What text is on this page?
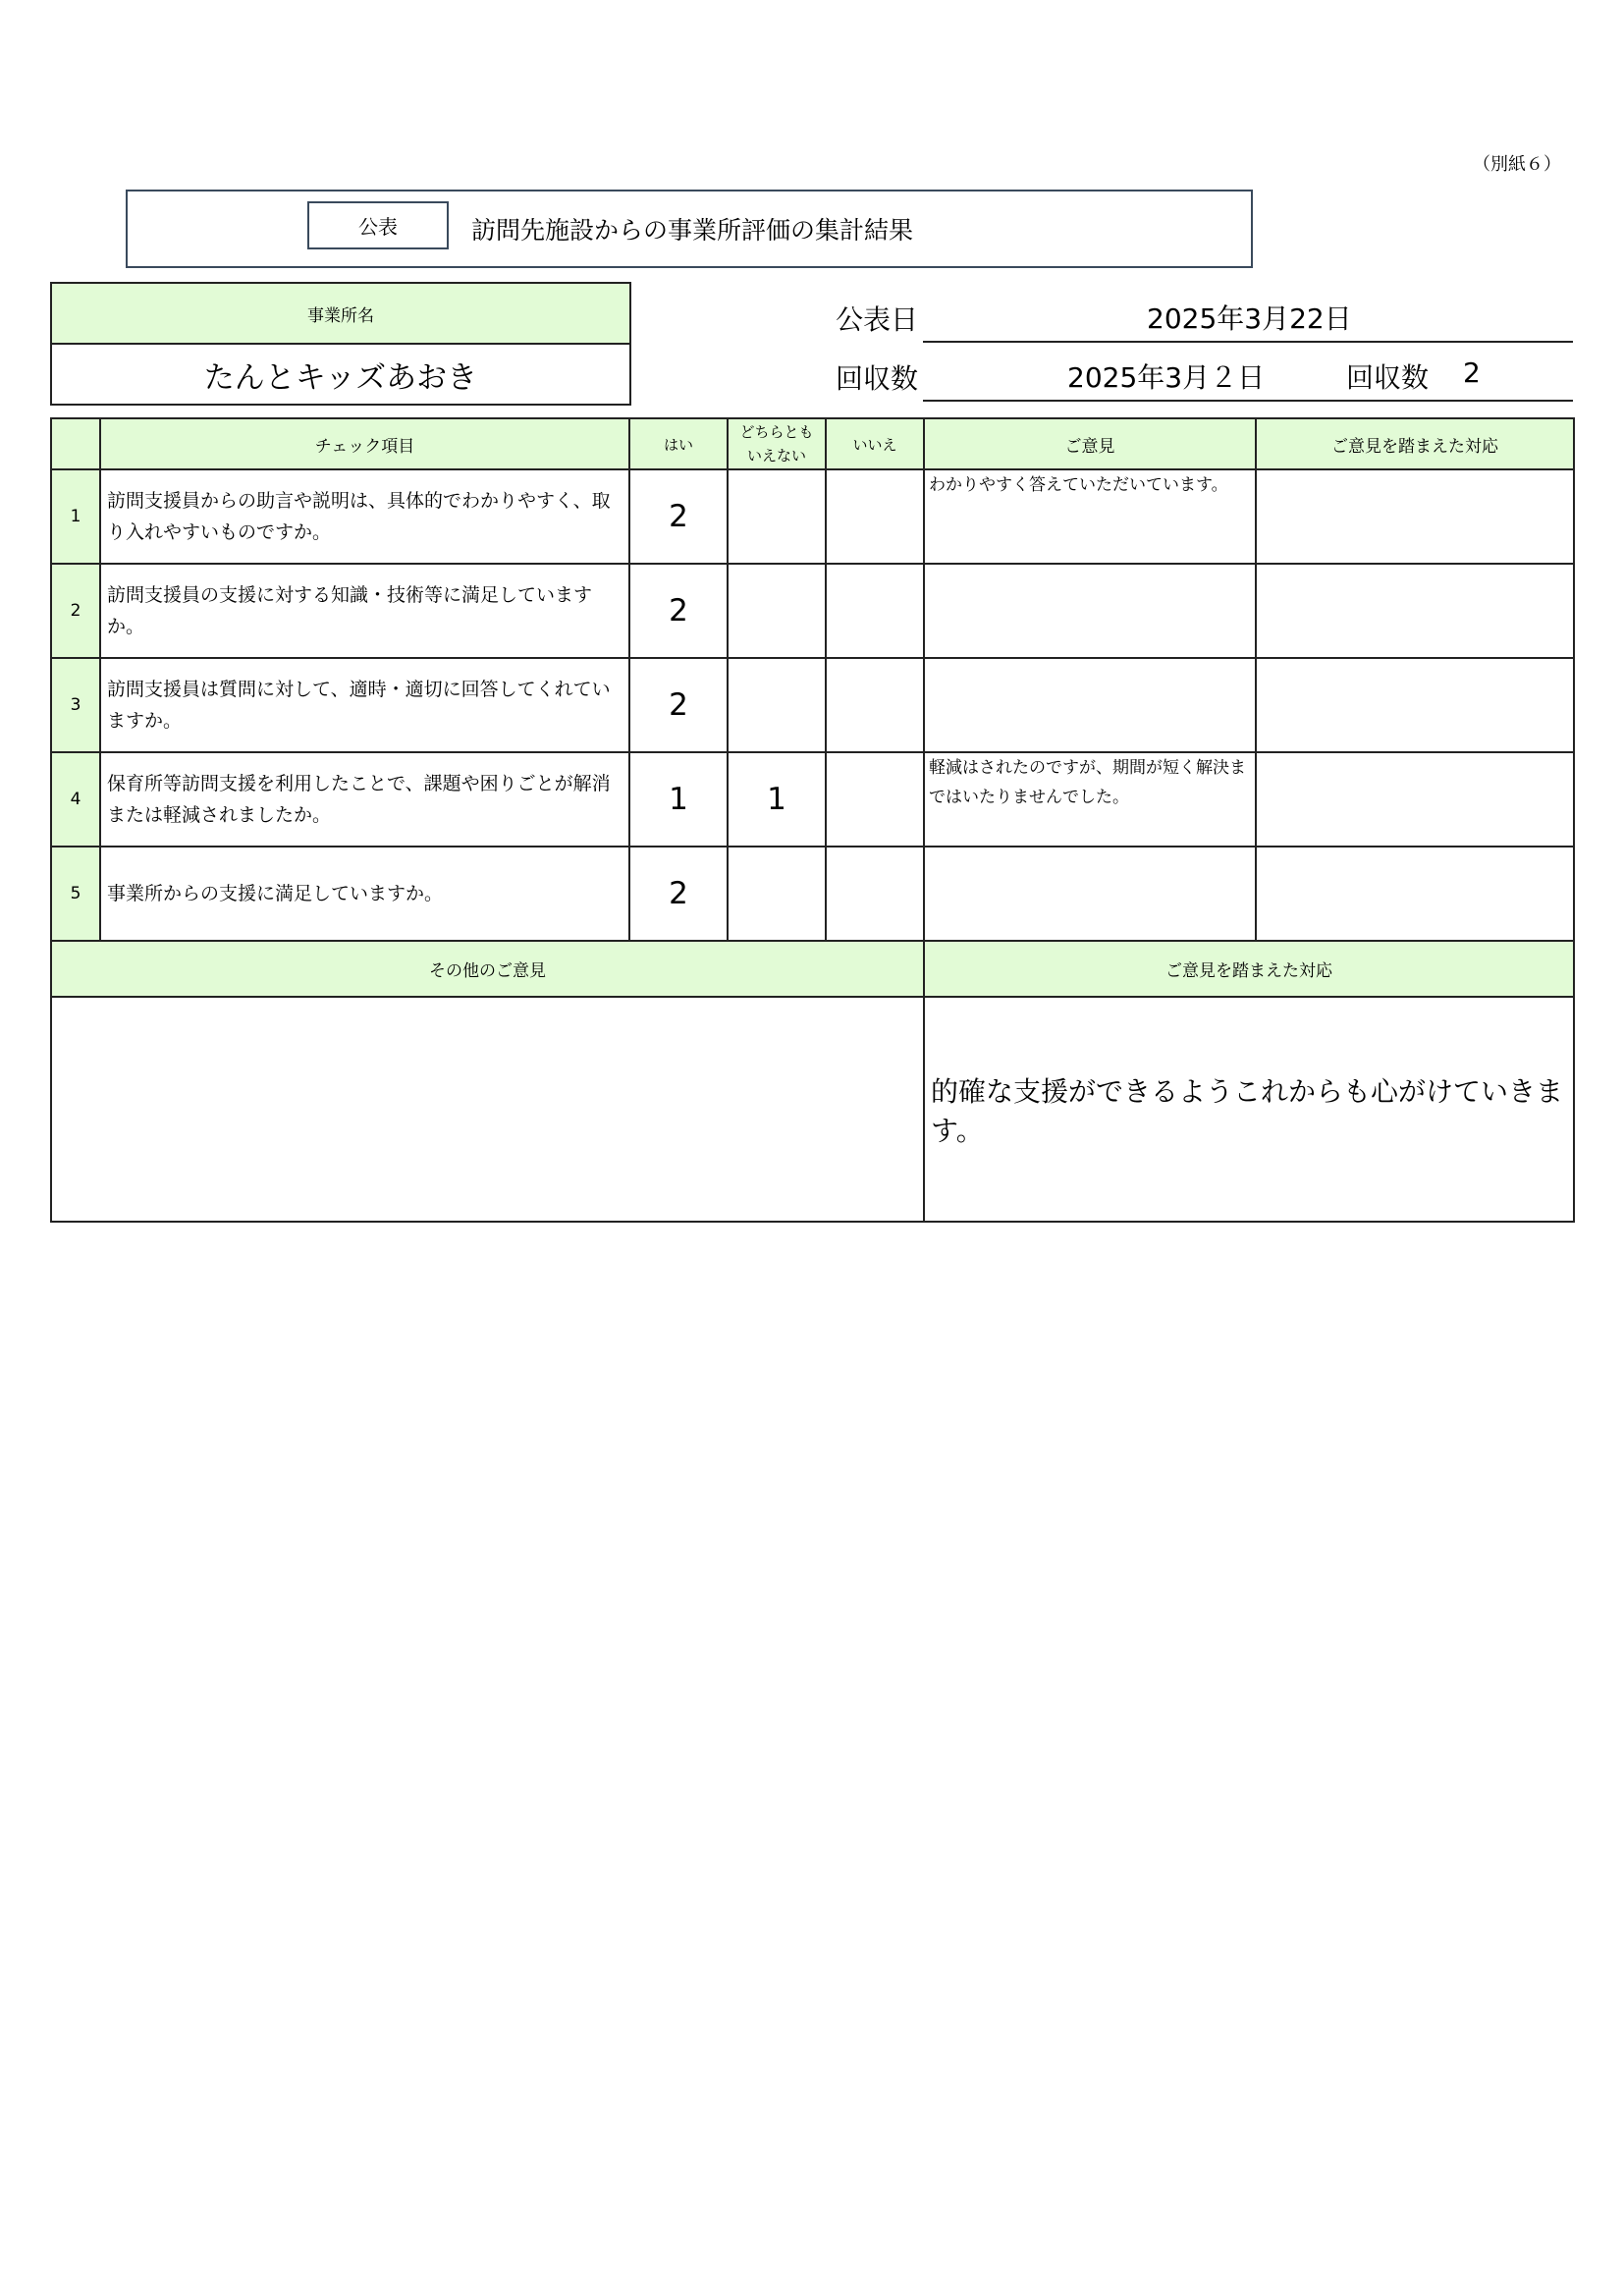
（別紙６）
公表	訪問先施設からの事業所評価の集計結果
事業所名
たんとキッズあおき
公表日	2025年3月22日
回収数	2025年3月２日	回収数 2
	チェック項目	はい	どちらとも
いえない	いいえ	ご意見	ご意見を踏まえた対応
1	訪問支援員からの助言や説明は、具体的でわかりやすく、取り入れやすいものですか。	2			わかりやすく答えていただいています。	
2	訪問支援員の支援に対する知識・技術等に満足していますか。	2				
3	訪問支援員は質問に対して、適時・適切に回答してくれていますか。	2				
4	保育所等訪問支援を利用したことで、課題や困りごとが解消または軽減されましたか。	1	1		軽減はされたのですが、期間が短く解決まではいたりませんでした。	
5	事業所からの支援に満足していますか。	2				
その他のご意見					ご意見を踏まえた対応	
					的確な支援ができるようこれからも心がけていきます。	
